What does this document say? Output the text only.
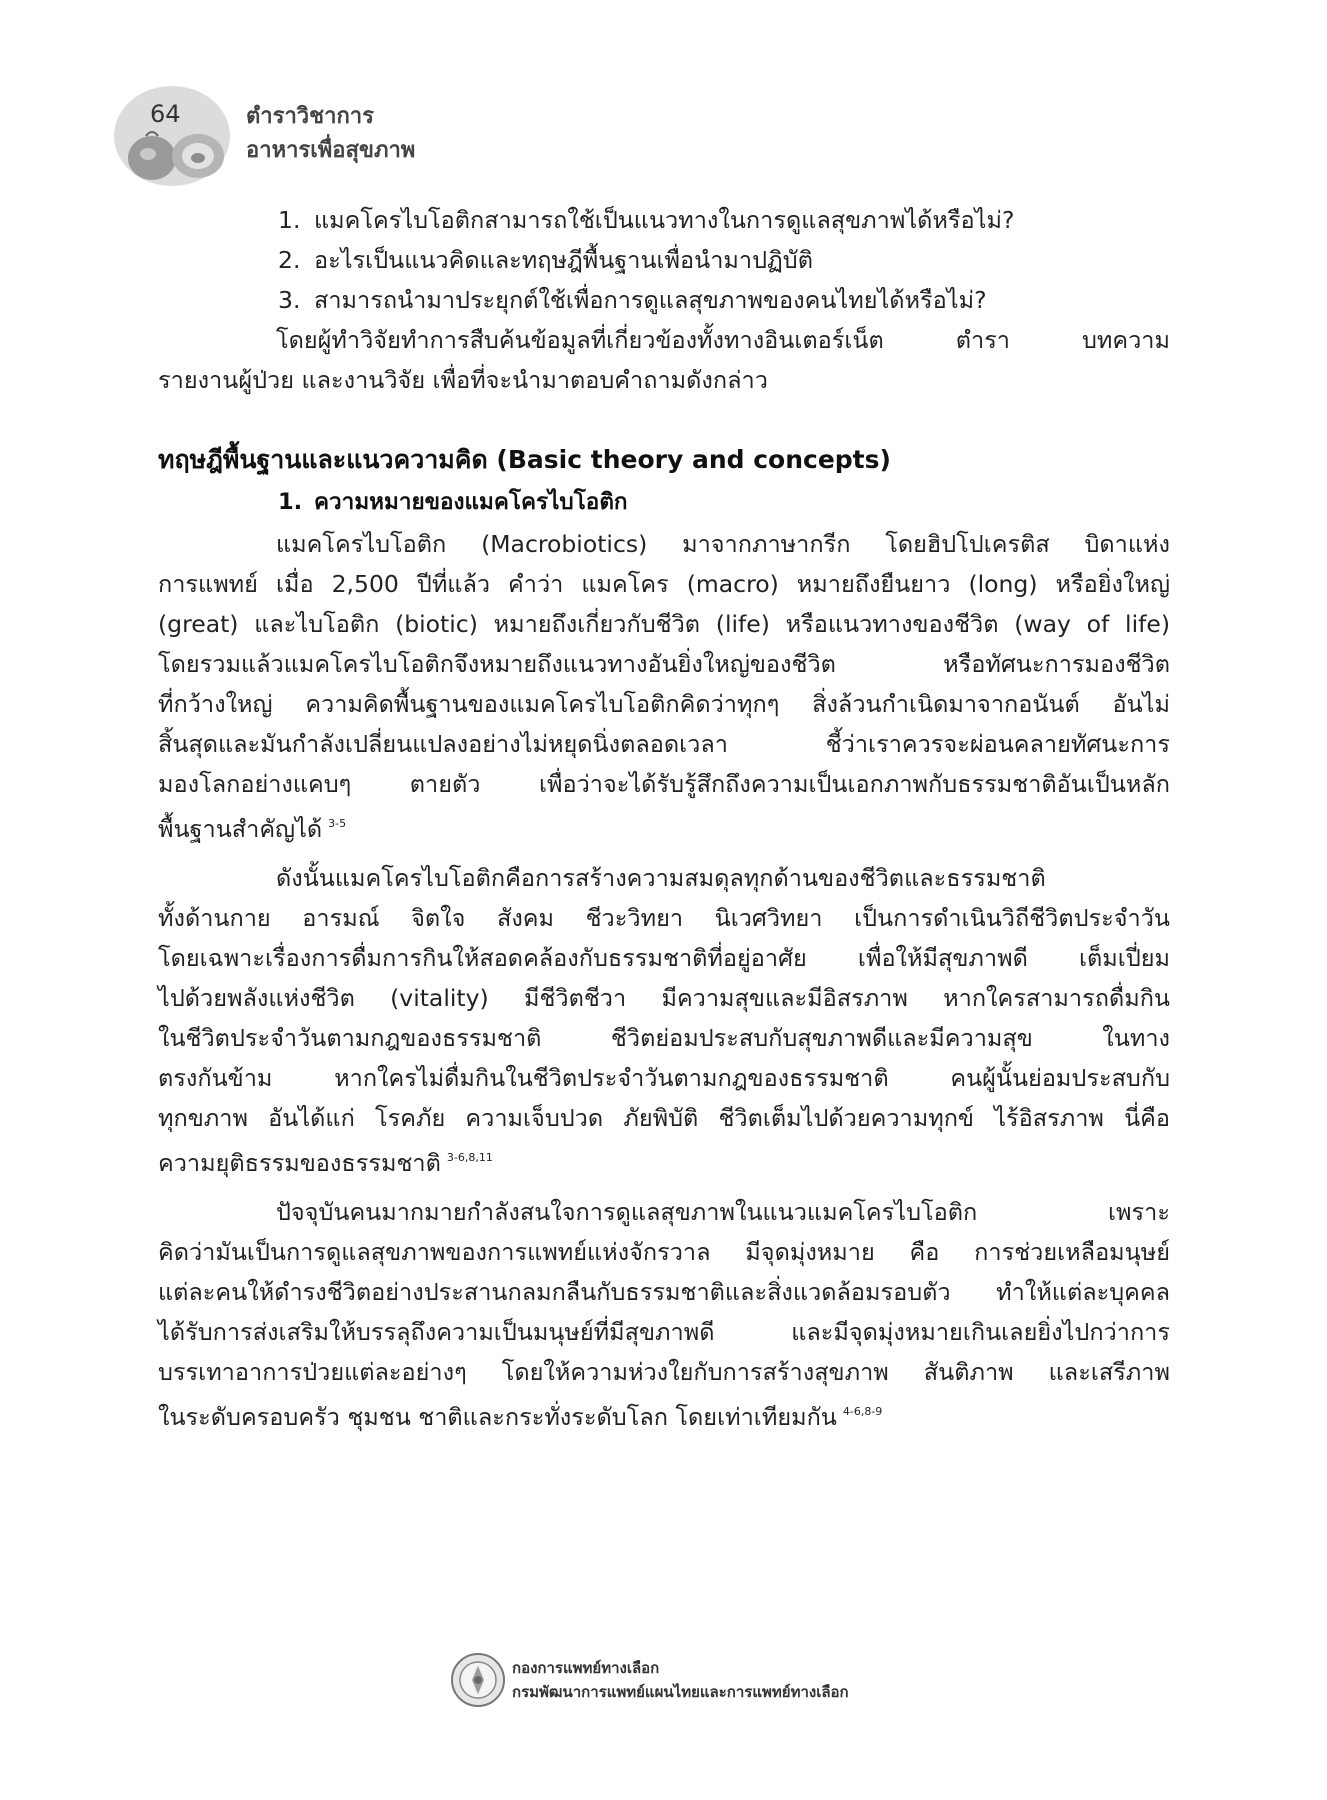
64	ตำราวิชาการ
อาหารเพื่อสุขภาพ
1. แมคโครไบโอติกสามารถใช้เป็นแนวทางในการดูแลสุขภาพได้หรือไม่?
2. อะไรเป็นแนวคิดและทฤษฎีพื้นฐานเพื่อนำมาปฏิบัติ
3. สามารถนำมาประยุกต์ใช้เพื่อการดูแลสุขภาพของคนไทยได้หรือไม่?
โดยผู้ทำวิจัยทำการสืบค้นข้อมูลที่เกี่ยวข้องทั้งทางอินเตอร์เน็ต ตำรา บทความ
รายงานผู้ป่วย และงานวิจัย เพื่อที่จะนำมาตอบคำถามดังกล่าว
ทฤษฎีพื้นฐานและแนวความคิด (Basic theory and concepts)
1. ความหมายของแมคโครไบโอติก
แมคโครไบโอติก (Macrobiotics) มาจากภาษากรีก โดยฮิปโปเครติส บิดาแห่ง
การแพทย์ เมื่อ 2,500 ปีที่แล้ว คำว่า แมคโคร (macro) หมายถึงยืนยาว (long) หรือยิ่งใหญ่
(great) และไบโอติก (biotic) หมายถึงเกี่ยวกับชีวิต (life) หรือแนวทางของชีวิต (way of life)
โดยรวมแล้วแมคโครไบโอติกจึงหมายถึงแนวทางอันยิ่งใหญ่ของชีวิต หรือทัศนะการมองชีวิต
ที่กว้างใหญ่ ความคิดพื้นฐานของแมคโครไบโอติกคิดว่าทุกๆ สิ่งล้วนกำเนิดมาจากอนันต์ อันไม่
สิ้นสุดและมันกำลังเปลี่ยนแปลงอย่างไม่หยุดนิ่งตลอดเวลา ชี้ว่าเราควรจะผ่อนคลายทัศนะการ
มองโลกอย่างแคบๆ ตายตัว เพื่อว่าจะได้รับรู้สึกถึงความเป็นเอกภาพกับธรรมชาติอันเป็นหลัก
พื้นฐานสำคัญได้ $^{3-5}$
ดังนั้นแมคโครไบโอติกคือการสร้างความสมดุลทุกด้านของชีวิตและธรรมชาติ
ทั้งด้านกาย อารมณ์ จิตใจ สังคม ชีวะวิทยา นิเวศวิทยา เป็นการดำเนินวิถีชีวิตประจำวัน
โดยเฉพาะเรื่องการดื่มการกินให้สอดคล้องกับธรรมชาติที่อยู่อาศัย เพื่อให้มีสุขภาพดี เต็มเปี่ยม
ไปด้วยพลังแห่งชีวิต (vitality) มีชีวิตชีวา มีความสุขและมีอิสรภาพ หากใครสามารถดื่มกิน
ในชีวิตประจำวันตามกฎของธรรมชาติ ชีวิตย่อมประสบกับสุขภาพดีและมีความสุข ในทาง
ตรงกันข้าม หากใครไม่ดื่มกินในชีวิตประจำวันตามกฎของธรรมชาติ คนผู้นั้นย่อมประสบกับ
ทุกขภาพ อันได้แก่ โรคภัย ความเจ็บปวด ภัยพิบัติ ชีวิตเต็มไปด้วยความทุกข์ ไร้อิสรภาพ นี่คือ
ความยุติธรรมของธรรมชาติ $^{3-6,8,11}$
ปัจจุบันคนมากมายกำลังสนใจการดูแลสุขภาพในแนวแมคโครไบโอติก เพราะ
คิดว่ามันเป็นการดูแลสุขภาพของการแพทย์แห่งจักรวาล มีจุดมุ่งหมาย คือ การช่วยเหลือมนุษย์
แต่ละคนให้ดำรงชีวิตอย่างประสานกลมกลืนกับธรรมชาติและสิ่งแวดล้อมรอบตัว ทำให้แต่ละบุคคล
ได้รับการส่งเสริมให้บรรลุถึงความเป็นมนุษย์ที่มีสุขภาพดี และมีจุดมุ่งหมายเกินเลยยิ่งไปกว่าการ
บรรเทาอาการป่วยแต่ละอย่างๆ โดยให้ความห่วงใยกับการสร้างสุขภาพ สันติภาพ และเสรีภาพ
ในระดับครอบครัว ชุมชน ชาติและกระทั่งระดับโลก โดยเท่าเทียมกัน $^{4-6,8-9}$
กองการแพทย์ทางเลือก
กรมพัฒนาการแพทย์แผนไทยและการแพทย์ทางเลือก
